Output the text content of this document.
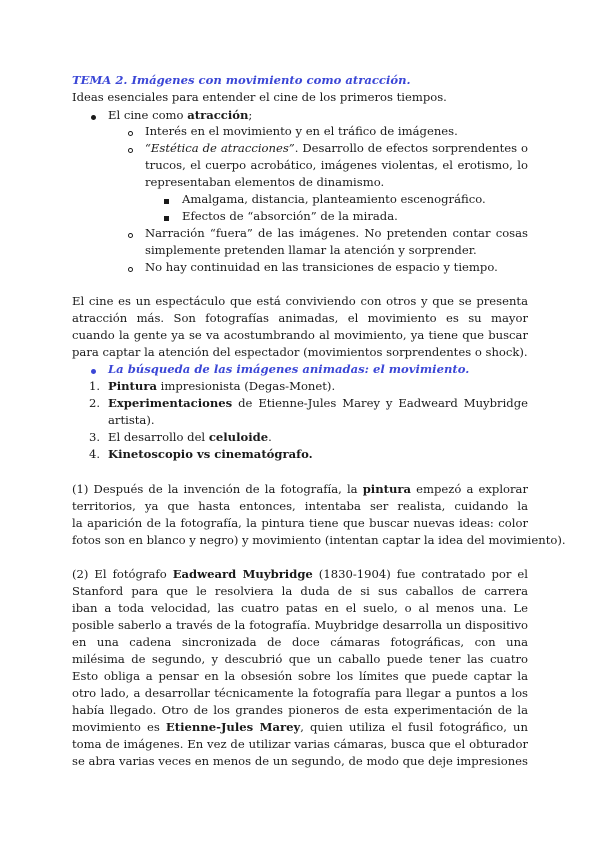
TEMA 2. Imágenes con movimiento como atracción.
Ideas esenciales para entender el cine de los primeros tiempos.
El cine como atracción;
Interés en el movimiento y en el tráfico de imágenes.
“Estética de atracciones”. Desarrollo de efectos sorprendentes o
trucos, el cuerpo acrobático, imágenes violentas, el erotismo, lo
representaban elementos de dinamismo.
Amalgama, distancia, planteamiento escenográfico.
Efectos de “absorción” de la mirada.
Narración “fuera” de las imágenes. No pretenden contar cosas
simplemente pretenden llamar la atención y sorprender.
No hay continuidad en las transiciones de espacio y tiempo.
El cine es un espectáculo que está conviviendo con otros y que se presenta
atracción más. Son fotografías animadas, el movimiento es su mayor
cuando la gente ya se va acostumbrando al movimiento, ya tiene que buscar
para captar la atención del espectador (movimientos sorprendentes o shock).
La búsqueda de las imágenes animadas: el movimiento.
1. Pintura impresionista (Degas-Monet).
2. Experimentaciones de Etienne-Jules Marey y Eadweard Muybridge
artista).
3. El desarrollo del celuloide.
4. Kinetoscopio vs cinematógrafo.
(1) Después de la invención de la fotografía, la pintura empezó a explorar
territorios, ya que hasta entonces, intentaba ser realista, cuidando la
la aparición de la fotografía, la pintura tiene que buscar nuevas ideas: color
fotos son en blanco y negro) y movimiento (intentan captar la idea del movimiento).
(2) El fotógrafo Eadweard Muybridge (1830-1904) fue contratado por el
Stanford para que le resolviera la duda de si sus caballos de carrera
iban a toda velocidad, las cuatro patas en el suelo, o al menos una. Le
posible saberlo a través de la fotografía. Muybridge desarrolla un dispositivo
en una cadena sincronizada de doce cámaras fotográficas, con una
milésima de segundo, y descubrió que un caballo puede tener las cuatro
Esto obliga a pensar en la obsesión sobre los límites que puede captar la
otro lado, a desarrollar técnicamente la fotografía para llegar a puntos a los
había llegado. Otro de los grandes pioneros de esta experimentación de la
movimiento es Etienne-Jules Marey, quien utiliza el fusil fotográfico, un
toma de imágenes. En vez de utilizar varias cámaras, busca que el obturador
se abra varias veces en menos de un segundo, de modo que deje impresiones
